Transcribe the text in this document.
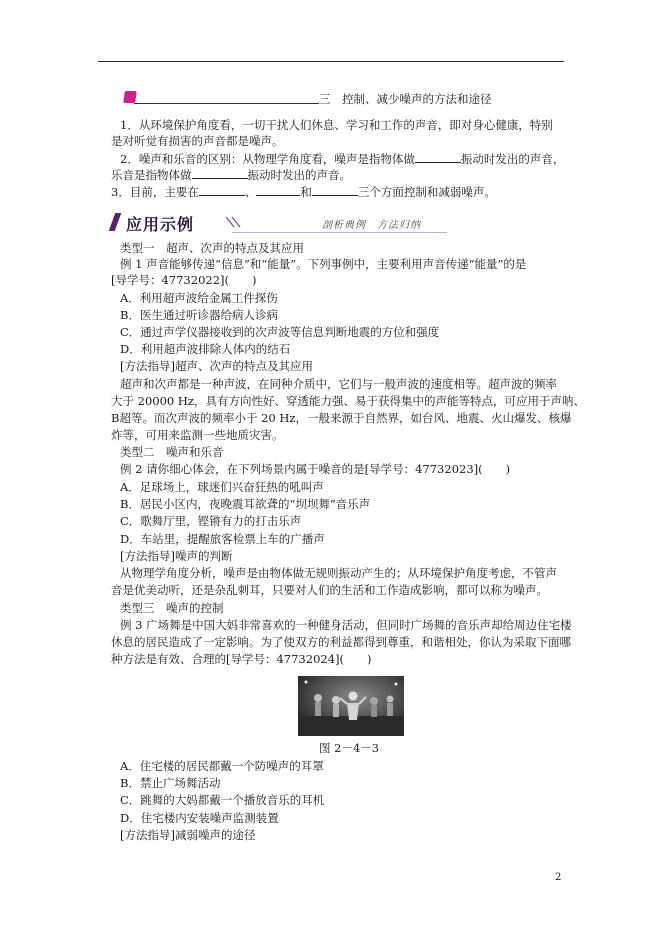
三　控制、减少噪声的方法和途径
1．从环境保护角度看，一切干扰人们休息、学习和工作的声音，即对身心健康，特别
是对听觉有损害的声音都是噪声。
2．噪声和乐音的区别：从物理学角度看，噪声是指物体做	振动时发出的声音，
乐音是指物体做	振动时发出的声音。
3．目前，主要在	、	和	三个方面控制和减弱噪声。
应用示例	剖析典例　方法归纳
类型一　超声、次声的特点及其应用
例 1 声音能够传递“信息”和“能量”。下列事例中，主要利用声音传递“能量”的是
[导学号：47732022](　　)
A．利用超声波给金属工件探伤
B．医生通过听诊器给病人诊病
C．通过声学仪器接收到的次声波等信息判断地震的方位和强度
D．利用超声波排除人体内的结石
[方法指导]超声、次声的特点及其应用
超声和次声都是一种声波，在同种介质中，它们与一般声波的速度相等。超声波的频率
大于 20000 Hz，具有方向性好、穿透能力强、易于获得集中的声能等特点，可应用于声呐、
B超等。而次声波的频率小于 20 Hz，一般来源于自然界，如台风、地震、火山爆发、核爆
炸等，可用来监测一些地质灾害。
类型二　噪声和乐音
例 2 请你细心体会，在下列场景内属于噪音的是[导学号：47732023](　　)
A．足球场上，球迷们兴奋狂热的吼叫声
B．居民小区内，夜晚震耳欲聋的“坝坝舞”音乐声
C．歌舞厅里，铿锵有力的打击乐声
D．车站里，提醒旅客检票上车的广播声
[方法指导]噪声的判断
从物理学角度分析，噪声是由物体做无规则振动产生的；从环境保护角度考虑，不管声
音是优美动听，还是杂乱刺耳，只要对人们的生活和工作造成影响，都可以称为噪声。
类型三　噪声的控制
例 3 广场舞是中国大妈非常喜欢的一种健身活动，但同时广场舞的音乐声却给周边住宅楼
休息的居民造成了一定影响。为了使双方的利益都得到尊重，和谐相处，你认为采取下面哪
种方法是有效、合理的[导学号：47732024](　　)
图 2－4－3
A．住宅楼的居民都戴一个防噪声的耳罩
B．禁止广场舞活动
C．跳舞的大妈都戴一个播放音乐的耳机
D．住宅楼内安装噪声监测装置
[方法指导]减弱噪声的途径
2
